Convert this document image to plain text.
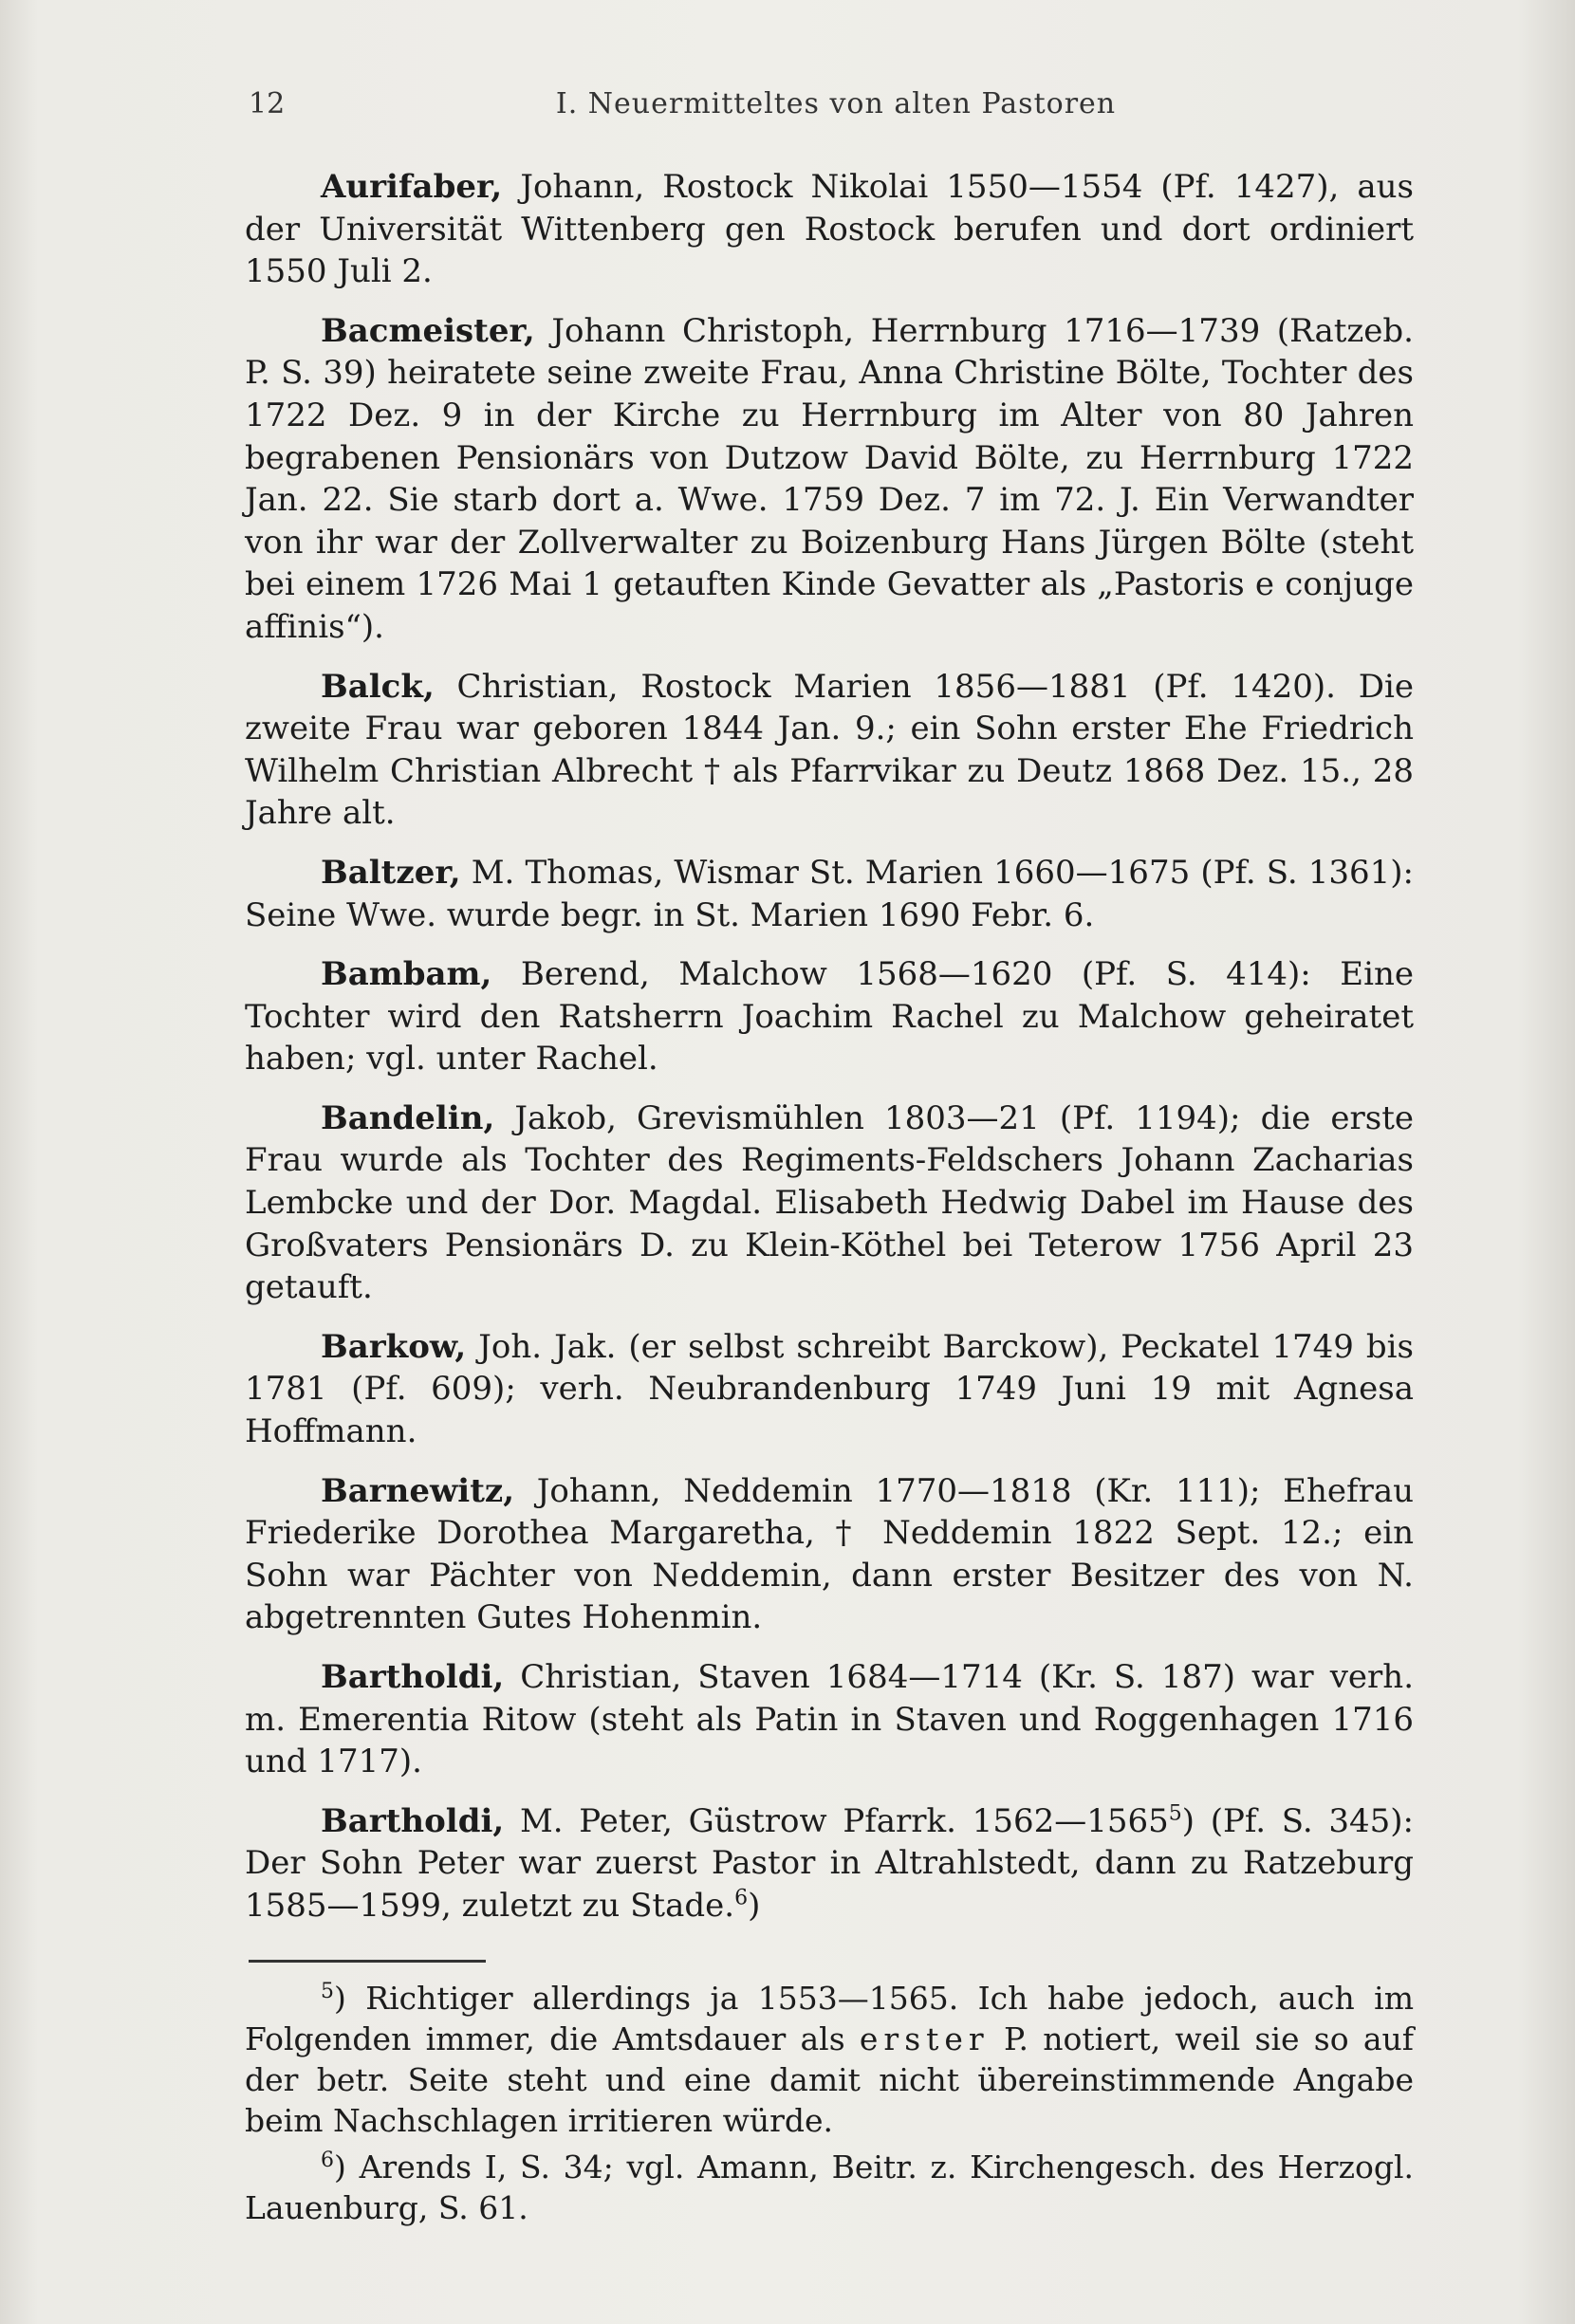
12	I. Neuermitteltes von alten Pastoren

Aurifaber, Johann, Rostock Nikolai 1550—1554 (Pf. 1427), aus der Universität Wittenberg gen Rostock berufen und dort ordiniert 1550 Juli 2.

Bacmeister, Johann Christoph, Herrnburg 1716—1739 (Ratzeb. P. S. 39) heiratete seine zweite Frau, Anna Christine Bölte, Tochter des 1722 Dez. 9 in der Kirche zu Herrnburg im Alter von 80 Jahren begrabenen Pensionärs von Dutzow David Bölte, zu Herrnburg 1722 Jan. 22. Sie starb dort a. Wwe. 1759 Dez. 7 im 72. J. Ein Verwandter von ihr war der Zollverwalter zu Boizenburg Hans Jürgen Bölte (steht bei einem 1726 Mai 1 getauften Kinde Gevatter als „Pastoris e conjuge affinis“).

Balck, Christian, Rostock Marien 1856—1881 (Pf. 1420). Die zweite Frau war geboren 1844 Jan. 9.; ein Sohn erster Ehe Friedrich Wilhelm Christian Albrecht † als Pfarrvikar zu Deutz 1868 Dez. 15., 28 Jahre alt.

Baltzer, M. Thomas, Wismar St. Marien 1660—1675 (Pf. S. 1361): Seine Wwe. wurde begr. in St. Marien 1690 Febr. 6.

Bambam, Berend, Malchow 1568—1620 (Pf. S. 414): Eine Tochter wird den Ratsherrn Joachim Rachel zu Malchow geheiratet haben; vgl. unter Rachel.

Bandelin, Jakob, Grevismühlen 1803—21 (Pf. 1194); die erste Frau wurde als Tochter des Regiments-Feldschers Johann Zacharias Lembcke und der Dor. Magdal. Elisabeth Hedwig Dabel im Hause des Großvaters Pensionärs D. zu Klein-Köthel bei Teterow 1756 April 23 getauft.

Barkow, Joh. Jak. (er selbst schreibt Barckow), Peckatel 1749 bis 1781 (Pf. 609); verh. Neubrandenburg 1749 Juni 19 mit Agnesa Hoffmann.

Barnewitz, Johann, Neddemin 1770—1818 (Kr. 111); Ehefrau Friederike Dorothea Margaretha, † Neddemin 1822 Sept. 12.; ein Sohn war Pächter von Neddemin, dann erster Besitzer des von N. abgetrennten Gutes Hohenmin.

Bartholdi, Christian, Staven 1684—1714 (Kr. S. 187) war verh. m. Emerentia Ritow (steht als Patin in Staven und Roggenhagen 1716 und 1717).

Bartholdi, M. Peter, Güstrow Pfarrk. 1562—1565$^5$) (Pf. S. 345): Der Sohn Peter war zuerst Pastor in Altrahlstedt, dann zu Ratzeburg 1585—1599, zuletzt zu Stade.$^6$)

$^5$) Richtiger allerdings ja 1553—1565. Ich habe jedoch, auch im Folgenden immer, die Amtsdauer als erster P. notiert, weil sie so auf der betr. Seite steht und eine damit nicht übereinstimmende Angabe beim Nachschlagen irritieren würde.

$^6$) Arends I, S. 34; vgl. Amann, Beitr. z. Kirchengesch. des Herzogl. Lauenburg, S. 61.
